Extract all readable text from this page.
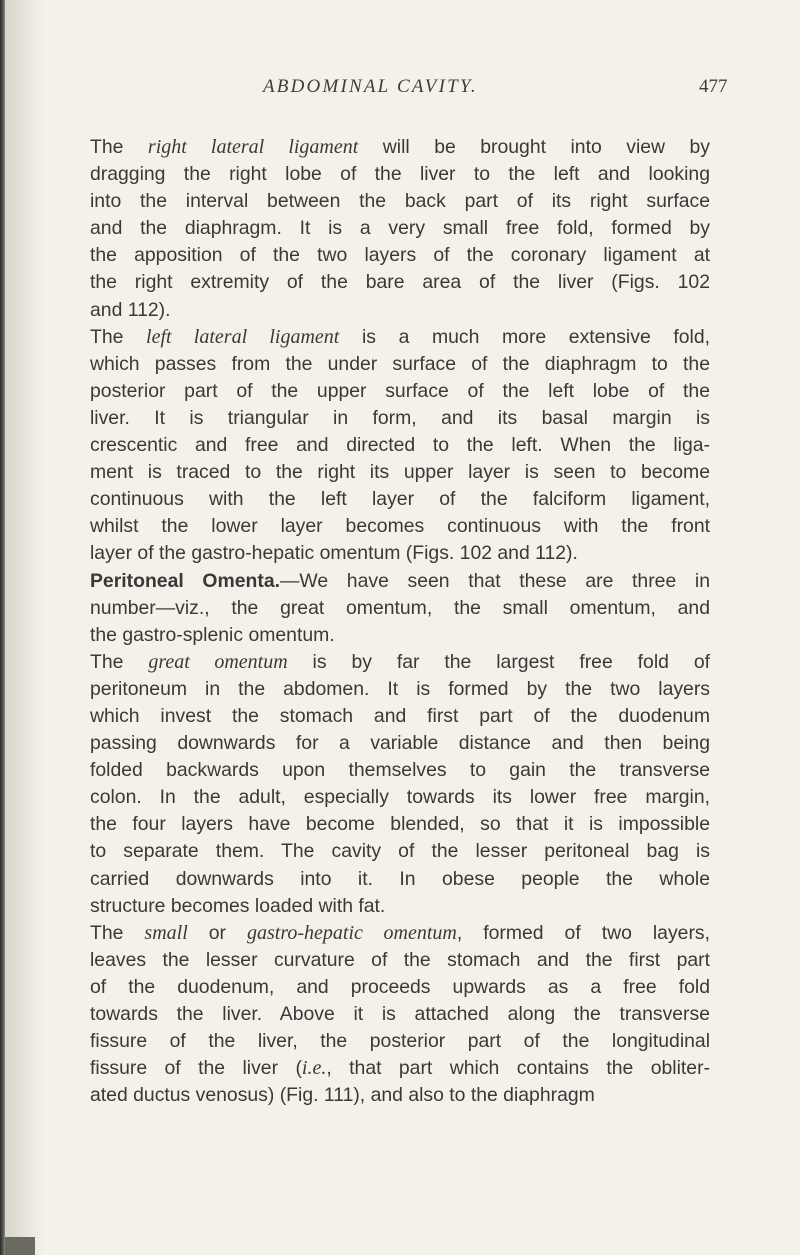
ABDOMINAL CAVITY.	477
The right lateral ligament will be brought into view by
dragging the right lobe of the liver to the left and looking
into the interval between the back part of its right surface
and the diaphragm. It is a very small free fold, formed by
the apposition of the two layers of the coronary ligament at
the right extremity of the bare area of the liver (Figs. 102
and 112).
The left lateral ligament is a much more extensive fold,
which passes from the under surface of the diaphragm to the
posterior part of the upper surface of the left lobe of the
liver. It is triangular in form, and its basal margin is
crescentic and free and directed to the left. When the liga-
ment is traced to the right its upper layer is seen to become
continuous with the left layer of the falciform ligament,
whilst the lower layer becomes continuous with the front
layer of the gastro-hepatic omentum (Figs. 102 and 112).
Peritoneal Omenta.—We have seen that these are three in
number—viz., the great omentum, the small omentum, and
the gastro-splenic omentum.
The great omentum is by far the largest free fold of
peritoneum in the abdomen. It is formed by the two layers
which invest the stomach and first part of the duodenum
passing downwards for a variable distance and then being
folded backwards upon themselves to gain the transverse
colon. In the adult, especially towards its lower free margin,
the four layers have become blended, so that it is impossible
to separate them. The cavity of the lesser peritoneal bag is
carried downwards into it. In obese people the whole
structure becomes loaded with fat.
The small or gastro-hepatic omentum, formed of two layers,
leaves the lesser curvature of the stomach and the first part
of the duodenum, and proceeds upwards as a free fold
towards the liver. Above it is attached along the transverse
fissure of the liver, the posterior part of the longitudinal
fissure of the liver (i.e., that part which contains the obliter-
ated ductus venosus) (Fig. 111), and also to the diaphragm
